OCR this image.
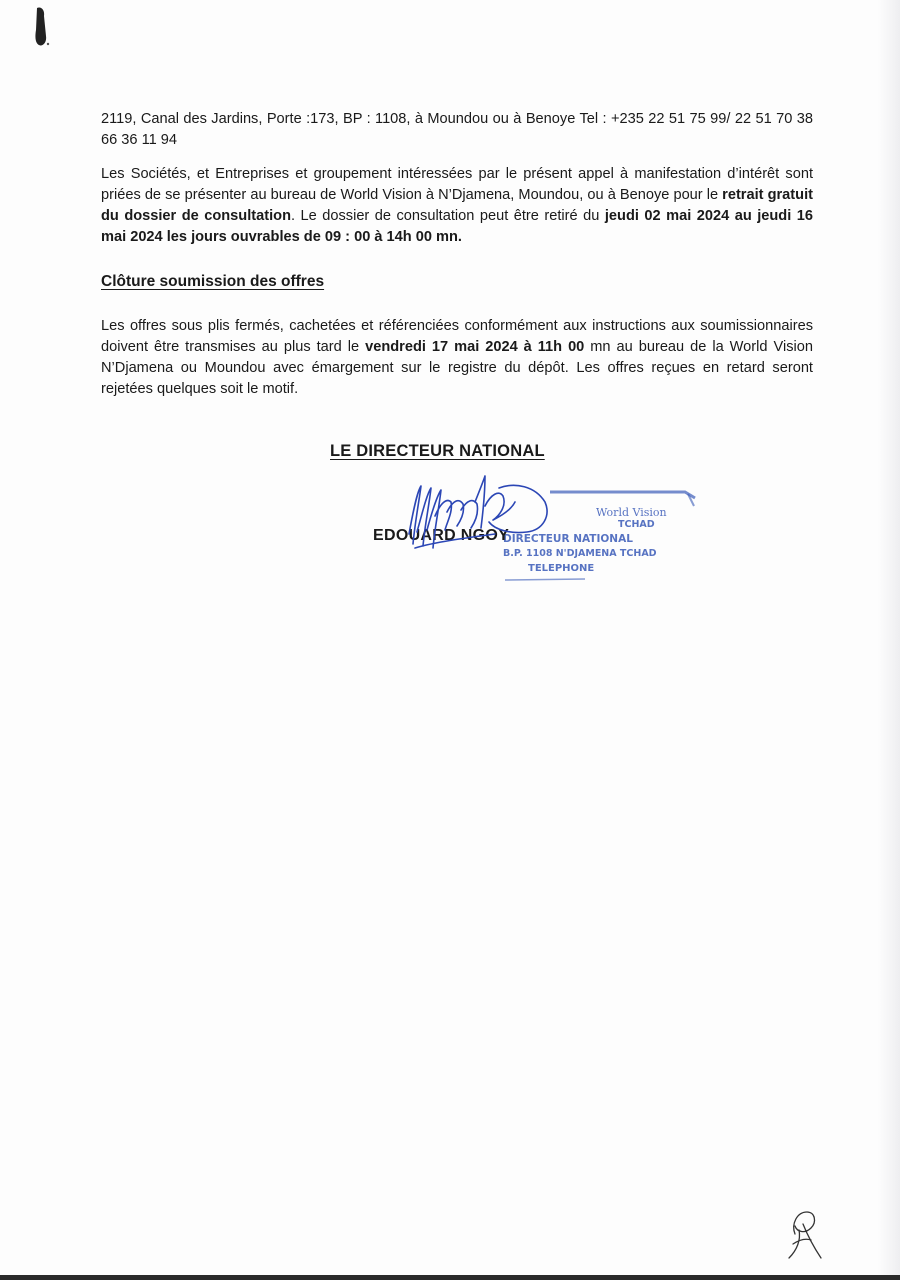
2119, Canal des Jardins, Porte :173, BP : 1108, à Moundou ou à Benoye Tel : +235 22 51 75 99/ 22 51 70 38 66 36 11 94
Les Sociétés, et Entreprises et groupement intéressées par le présent appel à manifestation d’intérêt sont priées de se présenter au bureau de World Vision à N’Djamena, Moundou, ou à Benoye pour le retrait gratuit du dossier de consultation. Le dossier de consultation peut être retiré du jeudi 02 mai 2024 au jeudi 16 mai 2024 les jours ouvrables de 09 : 00 à 14h 00 mn.
Clôture soumission des offres
Les offres sous plis fermés, cachetées et référenciées conformément aux instructions aux soumissionnaires doivent être transmises au plus tard le vendredi 17 mai 2024 à 11h 00 mn au bureau de la World Vision N’Djamena ou Moundou avec émargement sur le registre du dépôt. Les offres reçues en retard seront rejetées quelques soit le motif.
LE DIRECTEUR NATIONAL
World Vision
TCHAD
DIRECTEUR NATIONAL
B.P. 1108 N'DJAMENA TCHAD
TELEPHONE
EDOUARD NGOY
